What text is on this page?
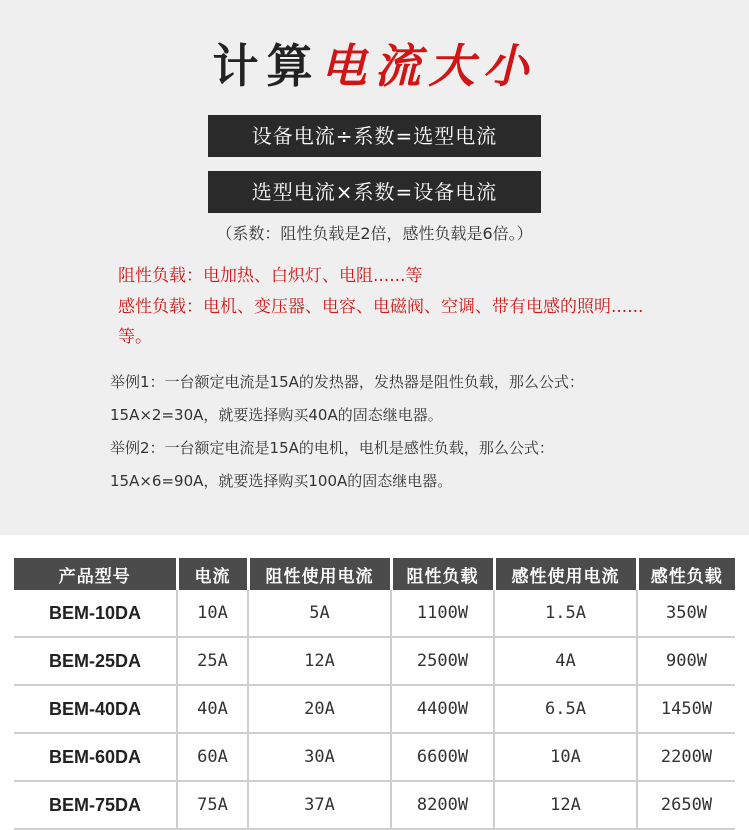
计算电流大小
设备电流÷系数=选型电流
选型电流×系数=设备电流
（系数：阻性负载是2倍，感性负载是6倍。）
阻性负载：电加热、白炽灯、电阻......等
感性负载：电机、变压器、电容、电磁阀、空调、带有电感的照明......等。
举例1：一台额定电流是15A的发热器，发热器是阻性负载，那么公式：15A×2=30A，就要选择购买40A的固态继电器。
举例2：一台额定电流是15A的电机，电机是感性负载，那么公式：15A×6=90A，就要选择购买100A的固态继电器。
产品型号	电流	阻性使用电流	阻性负载	感性使用电流	感性负载
BEM-10DA	10A	5A	1100W	1.5A	350W
BEM-25DA	25A	12A	2500W	4A	900W
BEM-40DA	40A	20A	4400W	6.5A	1450W
BEM-60DA	60A	30A	6600W	10A	2200W
BEM-75DA	75A	37A	8200W	12A	2650W
